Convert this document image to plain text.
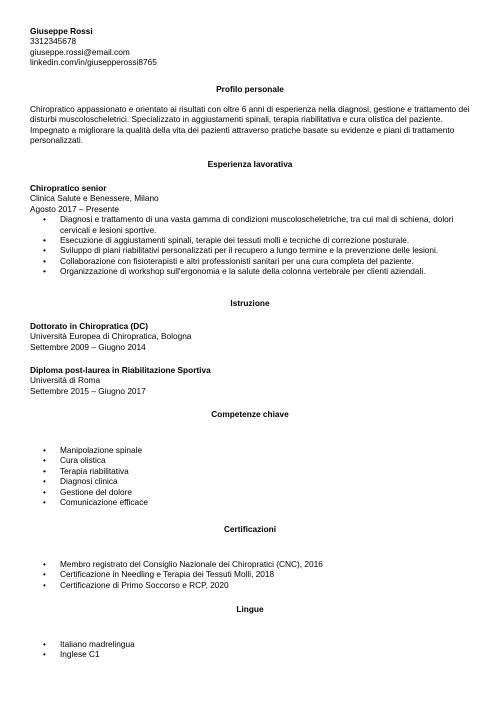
Giuseppe Rossi
3312345678
giuseppe.rossi@email.com
linkedin.com/in/giusepperossi8765
Profilo personale
Chiropratico appassionato e orientato ai risultati con oltre 6 anni di esperienza nella diagnosi, gestione e trattamento dei disturbi muscoloscheletrici. Specializzato in aggiustamenti spinali, terapia riabilitativa e cura olistica del paziente. Impegnato a migliorare la qualità della vita dei pazienti attraverso pratiche basate su evidenze e piani di trattamento personalizzati.
Esperienza lavorativa
Chiropratico senior
Clinica Salute e Benessere, Milano
Agosto 2017 – Presente
• Diagnosi e trattamento di una vasta gamma di condizioni muscoloscheletriche, tra cui mal di schiena, dolori cervicali e lesioni sportive.
• Esecuzione di aggiustamenti spinali, terapie dei tessuti molli e tecniche di correzione posturale.
• Sviluppo di piani riabilitativi personalizzati per il recupero a lungo termine e la prevenzione delle lesioni.
• Collaborazione con fisioterapisti e altri professionisti sanitari per una cura completa del paziente.
• Organizzazione di workshop sull'ergonomia e la salute della colonna vertebrale per clienti aziendali.
Istruzione
Dottorato in Chiropratica (DC)
Università Europea di Chiropratica, Bologna
Settembre 2009 – Giugno 2014
Diploma post-laurea in Riabilitazione Sportiva
Università di Roma
Settembre 2015 – Giugno 2017
Competenze chiave
• Manipolazione spinale
• Cura olistica
• Terapia riabilitativa
• Diagnosi clinica
• Gestione del dolore
• Comunicazione efficace
Certificazioni
• Membro registrato del Consiglio Nazionale dei Chiropratici (CNC), 2016
• Certificazione in Needling e Terapia dei Tessuti Molli, 2018
• Certificazione di Primo Soccorso e RCP, 2020
Lingue
• Italiano madrelingua
• Inglese C1
